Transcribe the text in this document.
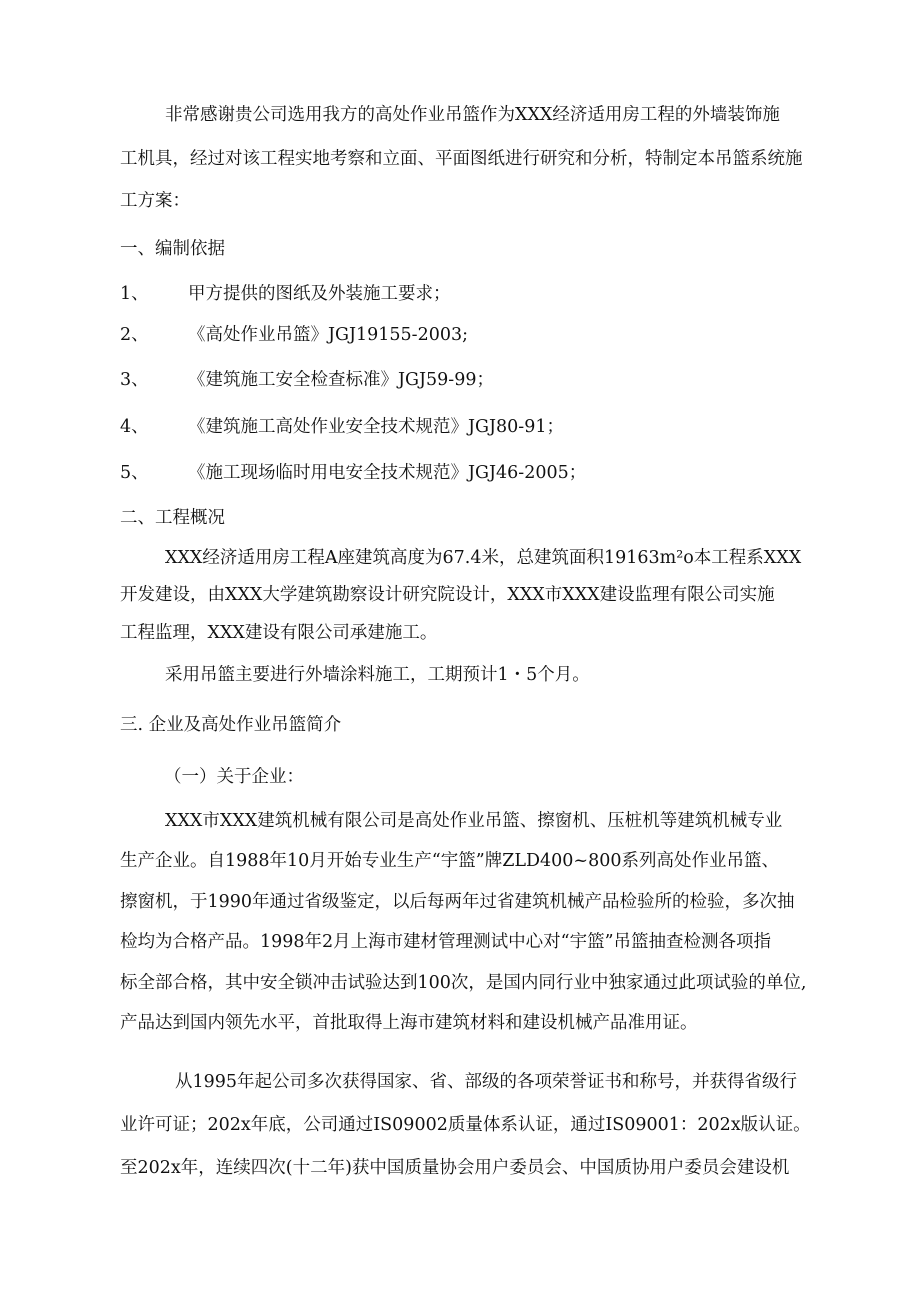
非常感谢贵公司选用我方的高处作业吊篮作为XXX经济适用房工程的外墙装饰施
工机具，经过对该工程实地考察和立面、平面图纸进行研究和分析，特制定本吊篮系统施
工方案：
一、编制依据
1、 甲方提供的图纸及外装施工要求；
2、 《高处作业吊篮》JGJ19155-2003;
3、 《建筑施工安全检查标准》JGJ59-99；
4、 《建筑施工高处作业安全技术规范》JGJ80-91；
5、 《施工现场临时用电安全技术规范》JGJ46-2005；
二、工程概况
XXX经济适用房工程A座建筑高度为67.4米，总建筑面积19163m²o本工程系XXX
开发建设，由XXX大学建筑勘察设计研究院设计，XXX市XXX建设监理有限公司实施
工程监理，XXX建设有限公司承建施工。
采用吊篮主要进行外墙涂料施工，工期预计1・5个月。
三. 企业及高处作业吊篮简介
（一）关于企业：
XXX市XXX建筑机械有限公司是高处作业吊篮、擦窗机、压桩机等建筑机械专业
生产企业。自1988年10月开始专业生产“宇篮”牌ZLD400~800系列高处作业吊篮、
擦窗机，于1990年通过省级鉴定，以后每两年过省建筑机械产品检验所的检验，多次抽
检均为合格产品。1998年2月上海市建材管理测试中心对“宇篮”吊篮抽查检测各项指
标全部合格，其中安全锁冲击试验达到100次，是国内同行业中独家通过此项试验的单位,
产品达到国内领先水平，首批取得上海市建筑材料和建设机械产品准用证。
从1995年起公司多次获得国家、省、部级的各项荣誉证书和称号，并获得省级行
业许可证；202x年底，公司通过IS09002质量体系认证，通过IS09001：202x版认证。
至202x年，连续四次(十二年)获中国质量协会用户委员会、中国质协用户委员会建设机
